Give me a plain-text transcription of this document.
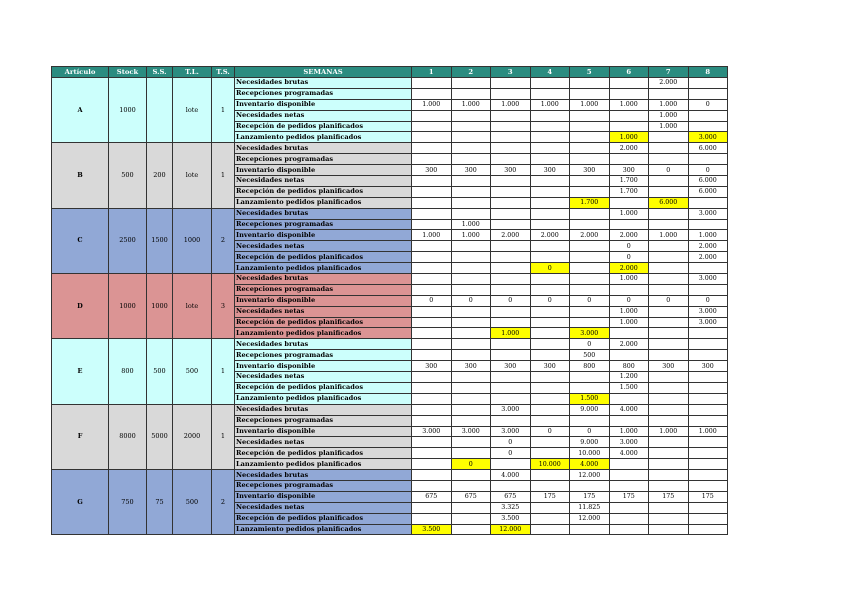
Artículo	Stock	S.S.	T.L.	T.S.	SEMANAS	1	2	3	4	5	6	7	8
A	1000		lote	1	Necesidades brutas							2.000	
					Recepciones programadas								
					Inventario disponible	1.000	1.000	1.000	1.000	1.000	1.000	1.000	0
					Necesidades netas							1.000	
					Recepción de pedidos planificados							1.000	
					Lanzamiento pedidos planificados						1.000		3.000
B	500	200	lote	1	Necesidades brutas						2.000		6.000
					Recepciones programadas								
					Inventario disponible	300	300	300	300	300	300	0	0
					Necesidades netas						1.700		6.000
					Recepción de pedidos planificados						1.700		6.000
					Lanzamiento pedidos planificados					1.700		6.000	
C	2500	1500	1000	2	Necesidades brutas						1.000		3.000
					Recepciones programadas		1.000						
					Inventario disponible	1.000	1.000	2.000	2.000	2.000	2.000	1.000	1.000
					Necesidades netas						0		2.000
					Recepción de pedidos planificados						0		2.000
					Lanzamiento pedidos planificados				0		2.000		
D	1000	1000	lote	3	Necesidades brutas						1.000		3.000
					Recepciones programadas								
					Inventario disponible	0	0	0	0	0	0	0	0
					Necesidades netas						1.000		3.000
					Recepción de pedidos planificados						1.000		3.000
					Lanzamiento pedidos planificados			1.000		3.000			
E	800	500	500	1	Necesidades brutas					0	2.000		
					Recepciones programadas					500			
					Inventario disponible	300	300	300	300	800	800	300	300
					Necesidades netas						1.200		
					Recepción de pedidos planificados						1.500		
					Lanzamiento pedidos planificados					1.500			
F	8000	5000	2000	1	Necesidades brutas			3.000		9.000	4.000		
					Recepciones programadas								
					Inventario disponible	3.000	3.000	3.000	0	0	1.000	1.000	1.000
					Necesidades netas			0		9.000	3.000		
					Recepción de pedidos planificados			0		10.000	4.000		
					Lanzamiento pedidos planificados		0		10.000	4.000			
G	750	75	500	2	Necesidades brutas			4.000		12.000			
					Recepciones programadas								
					Inventario disponible	675	675	675	175	175	175	175	175
					Necesidades netas			3.325		11.825			
					Recepción de pedidos planificados			3.500		12.000			
					Lanzamiento pedidos planificados	3.500		12.000					
